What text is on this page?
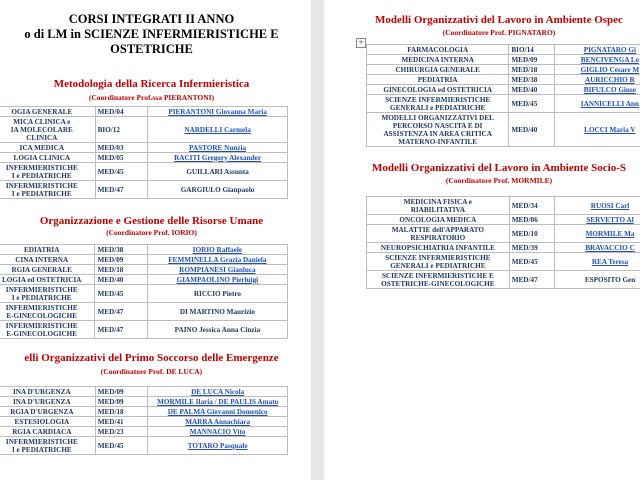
CORSI INTEGRATI II ANNO
o di LM in SCIENZE INFERMIERISTICHE E
OSTETRICHE
Metodologia della Ricerca Infermieristica
(Coordinatore Prof.ssa PIERANTONI)
OGIA GENERALE	MED/04	PIERANTONI Giovanna Maria
MICA CLINICA e
IA MOLECOLARE
CLINICA	BIO/12	NARDELLI Carmela
ICA MEDICA	MED/03	PASTORE Nunzia
LOGIA CLINICA	MED/05	RACITI Gregory Alexander
INFERMIERISTICHE
I e PEDIATRICHE	MED/45	GUILLARI Assunta
INFERMIERISTICHE
I e PEDIATRICHE	MED/47	GARGIULO Gianpaolo
Organizzazione e Gestione delle Risorse Umane
(Coordinatore Prof. IORIO)
EDIATRIA	MED/38	IORIO Raffaele
CINA INTERNA	MED/09	FEMMINELLA Grazia Daniela
RGIA GENERALE	MED/18	ROMPIANESI Gianluca
LOGIA ed OSTETRICIA	MED/40	GIAMPAOLINO Pierluigi
INFERMIERISTICHE
I e PEDIATRICHE	MED/45	RICCIO Pietro
INFERMIERISTICHE
E-GINECOLOGICHE	MED/47	DI MARTINO Maurizio
INFERMIERISTICHE
E-GINECOLOGICHE	MED/47	PAINO Jessica Anna Cinzia
elli Organizzativi del Primo Soccorso delle Emergenze
(Coordinatore Prof. DE LUCA)
INA D'URGENZA	MED/09	DE LUCA Nicola
INA D'URGENZA	MED/09	MORMILE Ilaria / DE PAULIS Amato
RGIA D'URGENZA	MED/18	DE PALMA Giovanni Domenico
ESTESIOLOGIA	MED/41	MARRA Annachiara
RGIA CARDIACA	MED/23	MANNACIO Vito
INFERMIERISTICHE
I e PEDIATRICHE	MED/45	TOTARO Pasquale
Modelli Organizzativi del Lavoro in Ambiente Ospec
(Coordinatore Prof. PIGNATARO)
+
FARMACOLOGIA	BIO/14	PIGNATARO Gi
MEDICINA INTERNA	MED/09	BENCIVENGA Le
CHIRURGIA GENERALE	MED/18	GIGLIO Cesare M
PEDIATRIA	MED/38	AURICCHIO R
GINECOLOGIA ed OSTETRICIA	MED/40	BIFULCO Giuse
SCIENZE INFERMIERISTICHE
GENERALI e PEDIATRICHE	MED/45	IANNICELLI Ann
MODELLI ORGANIZZATIVI DEL
PERCORSO NASCITA E DI
ASSISTENZA IN AREA CRITICA
MATERNO-INFANTILE	MED/40	LOCCI Maria V
Modelli Organizzativi del Lavoro in Ambiente Socio-S
(Coordinatore Prof. MORMILE)
MEDICINA FISICA e
RIABILITATIVA	MED/34	RUOSI Carl
ONCOLOGIA MEDICA	MED/06	SERVETTO Al
MALATTIE dell'APPARATO
RESPIRATORIO	MED/10	MORMILE Ma
NEUROPSICHIATRIA INFANTILE	MED/39	BRAVACCIO C
SCIENZE INFERMIERISTICHE
GENERALI e PEDIATRICHE	MED/45	REA Teresa
SCIENZE INFERMIERISTICHE E
OSTETRICHE-GINECOLOGICHE	MED/47	ESPOSITO Gen
